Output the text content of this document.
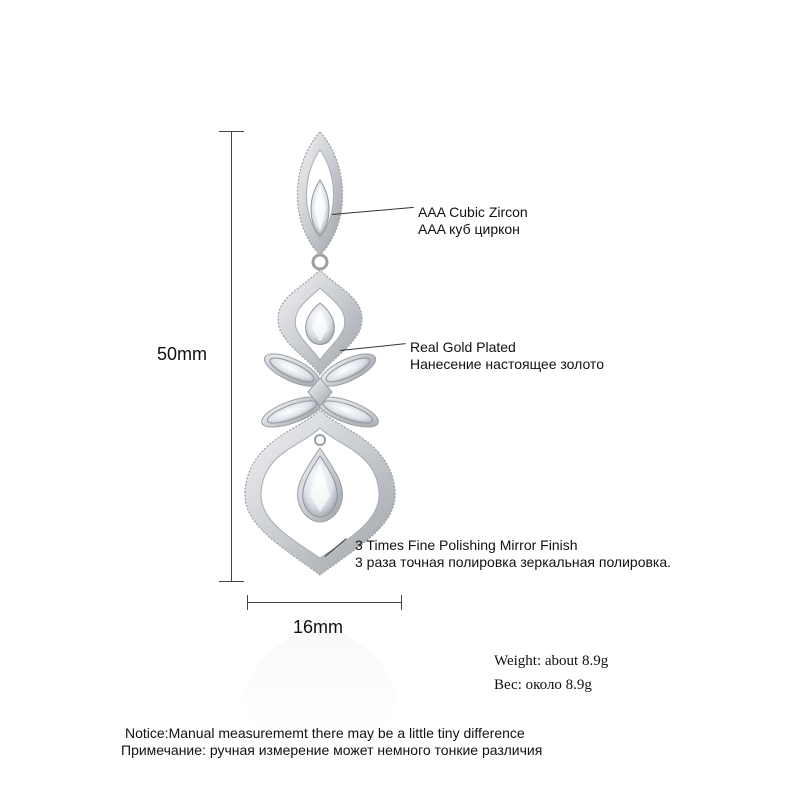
50mm
16mm
AAA Cubic Zircon
AAA куб циркон
Real Gold Plated
Нанесение настоящее золото
3 Times Fine Polishing Mirror Finish
3 раза точная полировка зеркальная полировка.
Weight: about 8.9g
Вес: около 8.9g
Notice:Manual measurememt there may be a little tiny difference
Примечание: ручная измерение может немного тонкие различия
